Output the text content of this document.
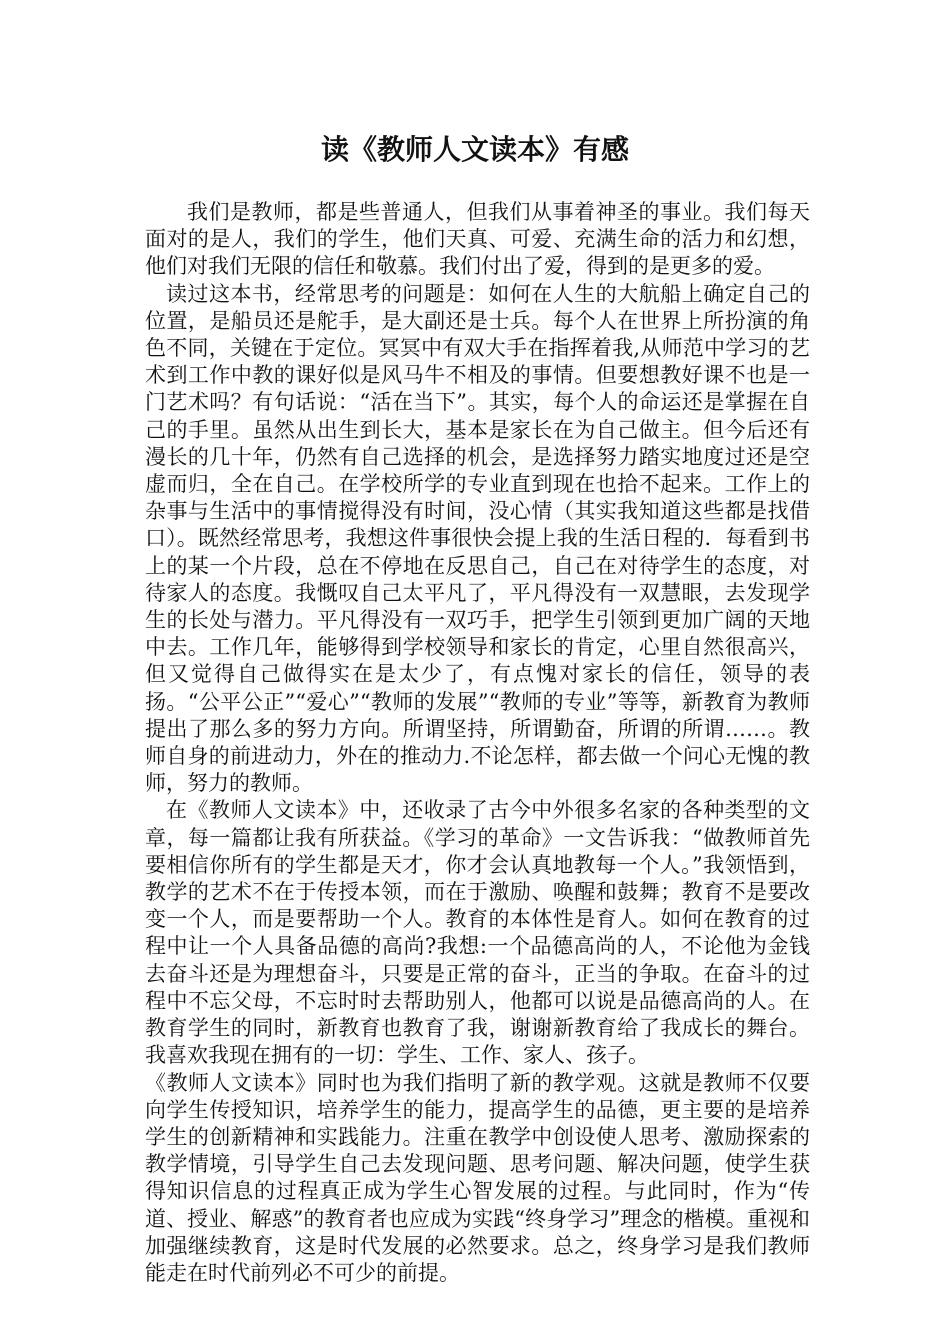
读《教师人文读本》有感

我们是教师，都是些普通人，但我们从事着神圣的事业。我们每天面对的是人，我们的学生，他们天真、可爱、充满生命的活力和幻想，他们对我们无限的信任和敬慕。我们付出了爱，得到的是更多的爱。

读过这本书，经常思考的问题是：如何在人生的大航船上确定自己的位置，是船员还是舵手，是大副还是士兵。每个人在世界上所扮演的角色不同，关键在于定位。冥冥中有双大手在指挥着我,从师范中学习的艺术到工作中教的课好似是风马牛不相及的事情。但要想教好课不也是一门艺术吗？有句话说：“活在当下”。其实，每个人的命运还是掌握在自己的手里。虽然从出生到长大，基本是家长在为自己做主。但今后还有漫长的几十年，仍然有自己选择的机会，是选择努力踏实地度过还是空虚而归，全在自己。在学校所学的专业直到现在也拾不起来。工作上的杂事与生活中的事情搅得没有时间，没心情（其实我知道这些都是找借口）。既然经常思考，我想这件事很快会提上我的生活日程的．每看到书上的某一个片段，总在不停地在反思自己，自己在对待学生的态度，对待家人的态度。我慨叹自己太平凡了，平凡得没有一双慧眼，去发现学生的长处与潜力。平凡得没有一双巧手，把学生引领到更加广阔的天地中去。工作几年，能够得到学校领导和家长的肯定，心里自然很高兴，但又觉得自己做得实在是太少了，有点愧对家长的信任，领导的表扬。“公平公正”“爱心”“教师的发展”“教师的专业”等等，新教育为教师提出了那么多的努力方向。所谓坚持，所谓勤奋，所谓的所谓……。教师自身的前进动力，外在的推动力.不论怎样，都去做一个问心无愧的教师，努力的教师。

在《教师人文读本》中，还收录了古今中外很多名家的各种类型的文章，每一篇都让我有所获益。《学习的革命》一文告诉我：“做教师首先要相信你所有的学生都是天才，你才会认真地教每一个人。”我领悟到，教学的艺术不在于传授本领，而在于激励、唤醒和鼓舞；教育不是要改变一个人，而是要帮助一个人。教育的本体性是育人。如何在教育的过程中让一个人具备品德的高尚?我想:一个品德高尚的人，不论他为金钱去奋斗还是为理想奋斗，只要是正常的奋斗，正当的争取。在奋斗的过程中不忘父母，不忘时时去帮助别人，他都可以说是品德高尚的人。在教育学生的同时，新教育也教育了我，谢谢新教育给了我成长的舞台。我喜欢我现在拥有的一切：学生、工作、家人、孩子。

《教师人文读本》同时也为我们指明了新的教学观。这就是教师不仅要向学生传授知识，培养学生的能力，提高学生的品德，更主要的是培养学生的创新精神和实践能力。注重在教学中创设使人思考、激励探索的教学情境，引导学生自己去发现问题、思考问题、解决问题，使学生获得知识信息的过程真正成为学生心智发展的过程。与此同时，作为“传道、授业、解惑”的教育者也应成为实践“终身学习”理念的楷模。重视和加强继续教育，这是时代发展的必然要求。总之，终身学习是我们教师能走在时代前列必不可少的前提。
